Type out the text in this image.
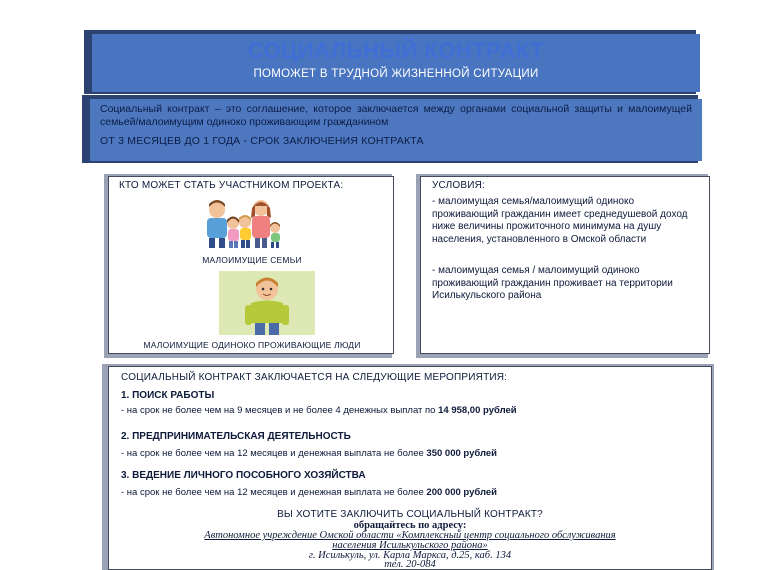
СОЦИАЛЬНЫЙ КОНТРАКТ
ПОМОЖЕТ В ТРУДНОЙ ЖИЗНЕННОЙ СИТУАЦИИ

Социальный контракт – это соглашение, которое заключается между органами социальной защиты и малоимущей семьей/малоимущим одиноко проживающим гражданином

ОТ 3 МЕСЯЦЕВ ДО 1 ГОДА - СРОК ЗАКЛЮЧЕНИЯ КОНТРАКТА

КТО МОЖЕТ СТАТЬ УЧАСТНИКОМ ПРОЕКТА:
МАЛОИМУЩИЕ СЕМЬИ
МАЛОИМУЩИЕ ОДИНОКО ПРОЖИВАЮЩИЕ ЛЮДИ
УСЛОВИЯ:
- малоимущая семья/малоимущий одиноко проживающий гражданин имеет среднедушевой доход ниже величины прожиточного минимума на душу населения, установленного в Омской области
- малоимущая семья / малоимущий одиноко проживающий гражданин проживает на территории Исилькульского района
СОЦИАЛЬНЫЙ КОНТРАКТ ЗАКЛЮЧАЕТСЯ НА СЛЕДУЮЩИЕ МЕРОПРИЯТИЯ:
1. ПОИСК РАБОТЫ
- на срок не более чем на 9 месяцев и не более 4 денежных выплат по 14 958,00 рублей
2. ПРЕДПРИНИМАТЕЛЬСКАЯ ДЕЯТЕЛЬНОСТЬ
- на срок не более чем на 12 месяцев и денежная выплата не более 350 000 рублей
3. ВЕДЕНИЕ ЛИЧНОГО ПОСОБНОГО ХОЗЯЙСТВА
- на срок не более чем на 12 месяцев и денежная выплата не более 200 000 рублей
ВЫ ХОТИТЕ ЗАКЛЮЧИТЬ СОЦИАЛЬНЫЙ КОНТРАКТ?
обращайтесь по адресу:
Автономное учреждение Омской области «Комплексный центр социального обслуживания
населения Исилькульского района»
г. Исилькуль, ул. Карла Маркса, д.25, каб. 134
тел. 20-084
